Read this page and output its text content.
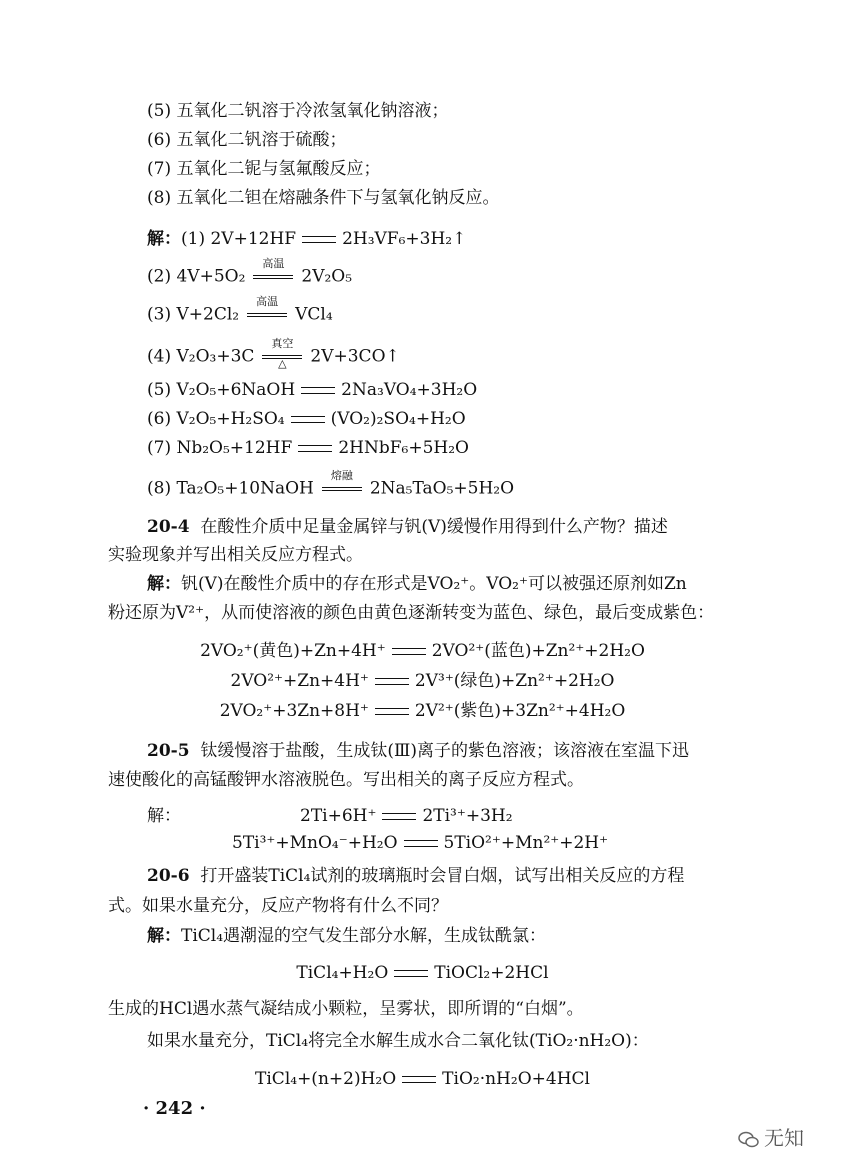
(5) 五氧化二钒溶于冷浓氢氧化钠溶液；
(6) 五氧化二钒溶于硫酸；
(7) 五氧化二铌与氢氟酸反应；
(8) 五氧化二钽在熔融条件下与氢氧化钠反应。
解：(1) 2V+12HF	2H₃VF₆+3H₂↑
(2) 4V+5O₂
高温
2V₂O₅
(3) V+2Cl₂
高温
VCl₄
(4) V₂O₃+3C
真空
△	2V+3CO↑
(5) V₂O₅+6NaOH	2Na₃VO₄+3H₂O
(6) V₂O₅+H₂SO₄	(VO₂)₂SO₄+H₂O
(7) Nb₂O₅+12HF	2HNbF₆+5H₂O
(8) Ta₂O₅+10NaOH
熔融
2Na₅TaO₅+5H₂O
20-4 在酸性介质中足量金属锌与钒(V)缓慢作用得到什么产物？描述
实验现象并写出相关反应方程式。
解：钒(V)在酸性介质中的存在形式是VO₂⁺。VO₂⁺可以被强还原剂如Zn
粉还原为V²⁺，从而使溶液的颜色由黄色逐渐转变为蓝色、绿色，最后变成紫色：
2VO₂⁺(黄色)+Zn+4H⁺	2VO²⁺(蓝色)+Zn²⁺+2H₂O
2VO²⁺+Zn+4H⁺	2V³⁺(绿色)+Zn²⁺+2H₂O
2VO₂⁺+3Zn+8H⁺	2V²⁺(紫色)+3Zn²⁺+4H₂O
20-5 钛缓慢溶于盐酸，生成钛(Ⅲ)离子的紫色溶液；该溶液在室温下迅
速使酸化的高锰酸钾水溶液脱色。写出相关的离子反应方程式。
解：	2Ti+6H⁺	2Ti³⁺+3H₂
5Ti³⁺+MnO₄⁻+H₂O	5TiO²⁺+Mn²⁺+2H⁺
20-6 打开盛装TiCl₄试剂的玻璃瓶时会冒白烟，试写出相关反应的方程
式。如果水量充分，反应产物将有什么不同？
解：TiCl₄遇潮湿的空气发生部分水解，生成钛酰氯：
TiCl₄+H₂O	TiOCl₂+2HCl
生成的HCl遇水蒸气凝结成小颗粒，呈雾状，即所谓的“白烟”。
如果水量充分，TiCl₄将完全水解生成水合二氧化钛(TiO₂·nH₂O)：
TiCl₄+(n+2)H₂O	TiO₂·nH₂O+4HCl
· 242 ·
无知
